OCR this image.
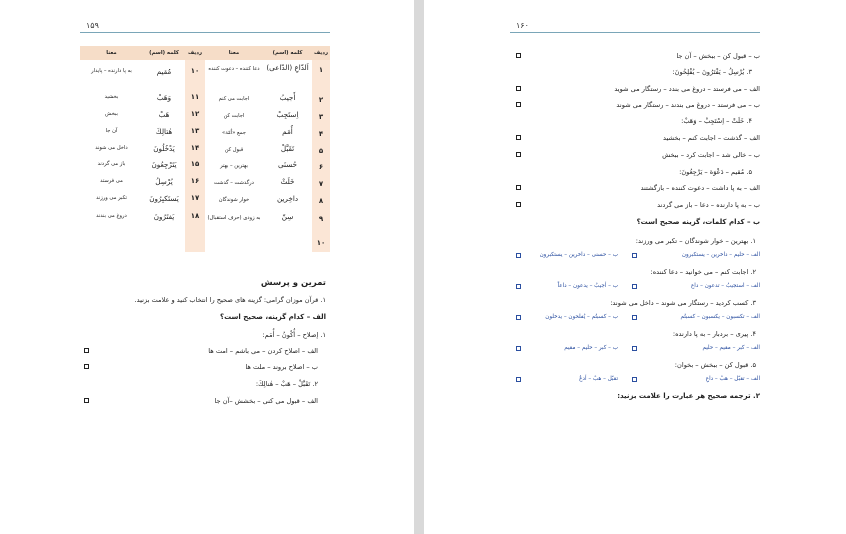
۱۵۹
ردیف
کلمه (اسم)
معنا
ردیف
کلمه (اسم)
معنا
۱
اَلدّاعِ (الدّاعی)
دعا کننده – دعوت کننده
۲
أَجیبُ
اجابت می کنم
۳
اِستَجِبْ
اجابت کن
۴
أُمَم
جمع «اُمّة»
۵
تَقَبَّلْ
قبول کن
۶
حُسنَی
بهترین – بهتر
۷
خَلَتْ
درگذشت – گذشت
۸
داخِرین
خوار شوندگان
۹
سِنّ
به زودی (حرف استقبال)
۱۰
۱۰
مُقیم
به پا دارنده – پایدار
۱۱
وَهَبْ
بخشید
۱۲
هَبْ
ببخش
۱۳
هٰتالِكَ
آن جا
۱۴
یَدْخُلُونَ
داخل می شوند
۱۵
یَتَرْجِعُونَ
باز می گردند
۱۶
یُرْسِلُ
می فرستد
۱۷
یَستَکبِرُونَ
تکبر می ورزند
۱۸
یَفتَرُونَ
دروغ می بندند
تمرین و پرسش
۱. قرآن موزان گرامی: گزینه های صحیح را انتخاب کنید و علامت بزنید.
الف – کدام گزینه، صحیح است؟
۱. إصلاح – أُکُونُ – أُمَم:
الف – اصلاح کردن – می باشم – امت ها
ب – اصلاح بروند – ملت ها
۲. تَقَبَّلْ – هَبْ – هٰنالِكَ:
الف – قبول می کنی – بخشش –آن جا
۱۶۰
ب – قبول کن – ببخش – آن جا
۳. یُرْسِلُ – یَفْتَرُونَ – یُفْلِحُونَ:
الف – می فرستد – دروغ می بندد – رستگار می شوید
ب – می فرستد – دروغ می بندند – رستگار می شوند
۴. خَلَتْ – اِسْتَجِبْ – وَهَبْ:
الف – گذشت – اجابت کنم – بخشید
ب – خالی شد – اجابت کرد – ببخش
۵. مُقیم – دَعْوَة – یَرْجِعُونَ:
الف – به پا داشت – دعوت کننده – بازگشتند
ب – به پا دارنده – دعا – باز می گردند
ب – کدام کلمات، گزینه صحیح است؟
۱. بهترین – خوار شوندگان – تکبر می ورزند:
الف – حلیم – داخرین – یستکبرون
ب – حسنی – داخرین – یستکبرون
۲. اجابت کنم – می خوانید – دعا کننده:
الف – استجیبُ – تدعون – داع
ب – أجیبُ – یدعون – داعاً
۳. کسب کردید – رستگار می شوند – داخل می شوند:
الف – تکسبون – یکسبون – کسبتُم
ب – کسبتُم – یُفلحون – یدخلون
۴. پیری – بردبار – به پا دارنده:
الف – کبر – مقیم – حلیم
ب – کبر – حلیم – مقیم
۵. قبول کن – ببخش – بخوان:
الف – تقبّل – هبْ – داعِ
تقبّل – هبْ – أدعُ
۲. ترجمه صحیح هر عبارت را علامت بزنید:
